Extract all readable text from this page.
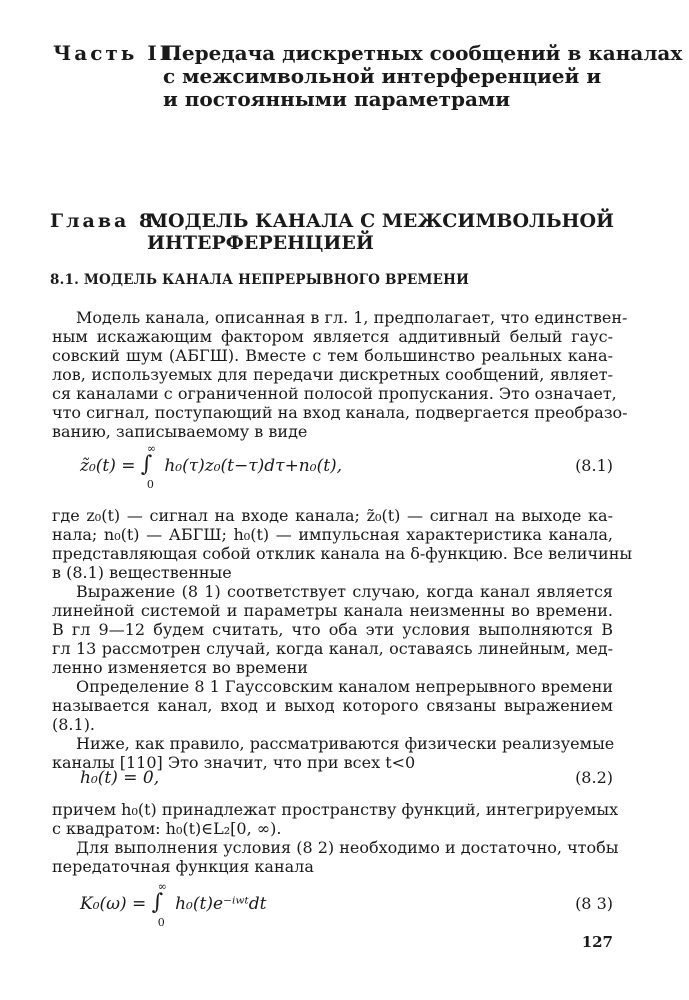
Часть II.
Передача дискретных сообщений в каналах
с межсимвольной интерференцией и
и постоянными параметрами
Глава 8.
МОДЕЛЬ КАНАЛА С МЕЖСИМВОЛЬНОЙ
ИНТЕРФЕРЕНЦИЕЙ
8.1. МОДЕЛЬ КАНАЛА НЕПРЕРЫВНОГО ВРЕМЕНИ
Модель канала, описанная в гл. 1, предполагает, что единствен-
ным искажающим фактором является аддитивный белый гаус-
совский шум (АБГШ). Вместе с тем большинство реальных кана-
лов, используемых для передачи дискретных сообщений, являет-
ся каналами с ограниченной полосой пропускания. Это означает,
что сигнал, поступающий на вход канала, подвергается преобразо-
ванию, записываемому в виде
z̃₀(t) = ∫
∞
0
h₀(τ)z₀(t−τ)dτ+n₀(t),	(8.1)
где z₀(t) — сигнал на входе канала; z̃₀(t) — сигнал на выходе ка-
нала; n₀(t) — АБГШ; h₀(t) — импульсная характеристика канала,
представляющая собой отклик канала на δ-функцию. Все величины
в (8.1) вещественные
Выражение (8 1) соответствует случаю, когда канал является
линейной системой и параметры канала неизменны во времени.
В гл 9—12 будем считать, что оба эти условия выполняются В
гл 13 рассмотрен случай, когда канал, оставаясь линейным, мед-
ленно изменяется во времени
Определение 8 1 Гауссовским каналом непрерывного времени
называется канал, вход и выход которого связаны выражением
(8.1).
Ниже, как правило, рассматриваются физически реализуемые
каналы [110] Это значит, что при всех t<0
h₀(t) = 0,	(8.2)
причем h₀(t) принадлежат пространству функций, интегрируемых
с квадратом: h₀(t)∈L₂[0, ∞).
Для выполнения условия (8 2) необходимо и достаточно, чтобы
передаточная функция канала
K₀(ω) = ∫
∞
0
h₀(t)e⁻ⁱʷᵗdt	(8 3)
127
